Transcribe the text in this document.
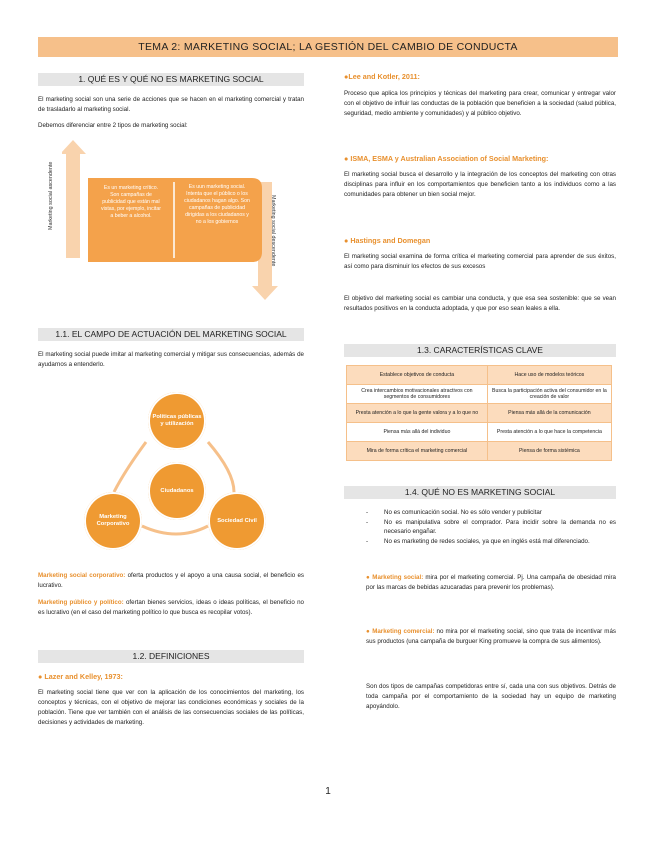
TEMA 2: MARKETING SOCIAL; LA GESTIÓN DEL CAMBIO DE CONDUCTA
1. QUÉ ES Y QUÉ NO ES MARKETING SOCIAL

El marketing social son una serie de acciones que se hacen en el marketing comercial y tratan de trasladarlo al marketing social.

Debemos diferenciar entre 2 tipos de marketing social:

Marketing social ascendente	Marketing social descendente
Es un marketing crítico. Son campañas de publicidad que están mal vistas, por ejemplo, incitar a beber a alcohol.
Es uun marketing social. Intenta que el público o los ciudadanos hagan algo. Son campañas de publicidad dirigidas a los ciudadanos y no a los gobiernos
1.1. EL CAMPO DE ACTUACIÓN DEL MARKETING SOCIAL

El marketing social puede imitar al marketing comercial y mitigar sus consecuencias, además de ayudarnos a entenderlo.

Ciudadanos
Políticas públicas y utilización
Marketing Corporativo
Sociedad Civil

Marketing social corporativo: oferta productos y el apoyo a una causa social, el beneficio es lucrativo.

Marketing público y político: ofertan bienes servicios, ideas o ideas políticas, el beneficio no es lucrativo (en el caso del marketing político lo que busca es recopilar votos).

1.2. DEFINICIONES
● Lazer and Kelley, 1973:

El marketing social tiene que ver con la aplicación de los conocimientos del marketing, los conceptos y técnicas, con el objetivo de mejorar las condiciones económicas y sociales de la población. Tiene que ver también con el análisis de las consecuencias sociales de las políticas, decisiones y actividades de marketing.

●Lee and Kotler, 2011:

Proceso que aplica los principios y técnicas del marketing para crear, comunicar y entregar valor con el objetivo de influir las conductas de la población que beneficien a la sociedad (salud pública, seguridad, medio ambiente y comunidades) y al público objetivo.

● ISMA, ESMA y Australian Association of Social Marketing:

El marketing social busca el desarrollo y la integración de los conceptos del marketing con otras disciplinas para influir en los comportamientos que beneficien tanto a los individuos como a las comunidades para obtener un bien social mejor.

● Hastings and Domegan

El marketing social examina de forma crítica el marketing comercial para aprender de sus éxitos, así como para disminuir los efectos de sus excesos

El objetivo del marketing social es cambiar una conducta, y que esa sea sostenible: que se vean resultados positivos en la conducta adoptada, y que por eso sean leales a ella.

1.3. CARACTERÍSTICAS CLAVE
Establece objetivos de conducta	Hace uso de modelos teóricos
Crea intercambios motivacionales atractivos con segmentos de consumidores	Busca la participación activa del consumidor en la creación de valor
Presta atención a lo que la gente valora y a lo que no	Piensa más allá de la comunicación
Piensa más allá del individuo	Presta atención a lo que hace la competencia
Mira de forma crítica el marketing comercial	Piensa de forma sistémica
1.4. QUÉ NO ES MARKETING SOCIAL
- No es comunicación social. No es sólo vender y publicitar
- No es manipulativa sobre el comprador. Para incidir sobre la demanda no es necesario engañar.
- No es marketing de redes sociales, ya que en inglés está mal diferenciado.

● Marketing social: mira por el marketing comercial. Pj. Una campaña de obesidad mira por las marcas de bebidas azucaradas para prevenir los problemas).

● Marketing comercial: no mira por el marketing social, sino que trata de incentivar más sus productos (una campaña de burguer King promueve la compra de sus alimentos).

Son dos tipos de campañas competidoras entre sí, cada una con sus objetivos. Detrás de toda campaña por el comportamiento de la sociedad hay un equipo de marketing apoyándolo.

1
